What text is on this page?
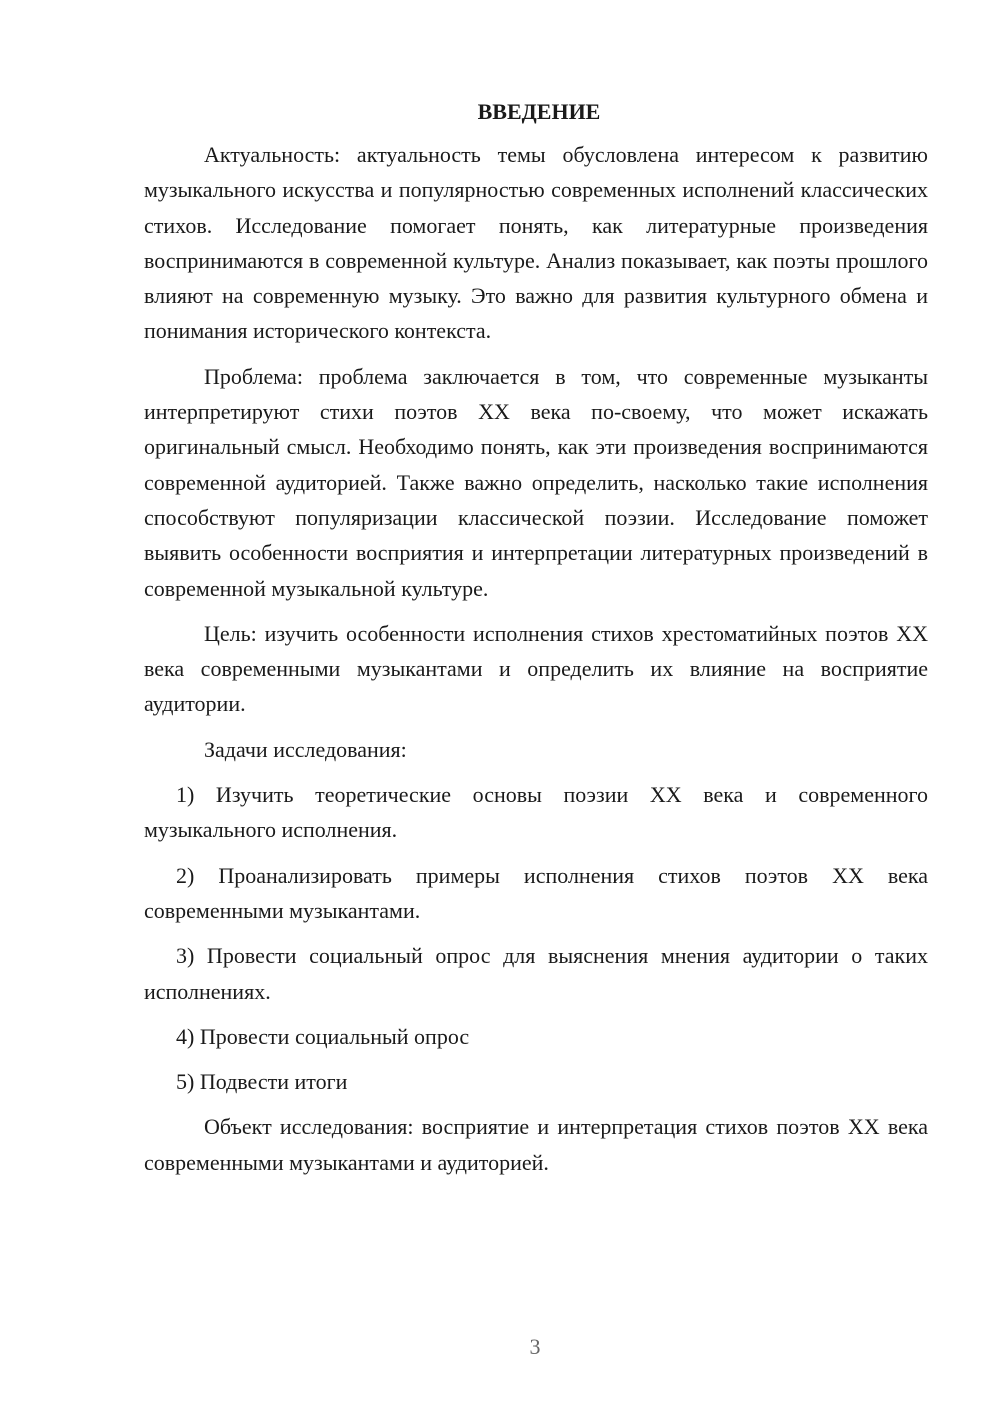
ВВЕДЕНИЕ

Актуальность: актуальность темы обусловлена интересом к развитию музыкального искусства и популярностью современных исполнений классических стихов. Исследование помогает понять, как литературные произведения воспринимаются в современной культуре. Анализ показывает, как поэты прошлого влияют на современную музыку. Это важно для развития культурного обмена и понимания исторического контекста.

Проблема: проблема заключается в том, что современные музыканты интерпретируют стихи поэтов XX века по-своему, что может искажать оригинальный смысл. Необходимо понять, как эти произведения воспринимаются современной аудиторией. Также важно определить, насколько такие исполнения способствуют популяризации классической поэзии. Исследование поможет выявить особенности восприятия и интерпретации литературных произведений в современной музыкальной культуре.

Цель: изучить особенности исполнения стихов хрестоматийных поэтов XX века современными музыкантами и определить их влияние на восприятие аудитории.

Задачи исследования:

1) Изучить теоретические основы поэзии XX века и современного музыкального исполнения.

2) Проанализировать примеры исполнения стихов поэтов XX века современными музыкантами.

3) Провести социальный опрос для выяснения мнения аудитории о таких исполнениях.

4) Провести социальный опрос

5) Подвести итоги

Объект исследования: восприятие и интерпретация стихов поэтов XX века современными музыкантами и аудиторией.

3
